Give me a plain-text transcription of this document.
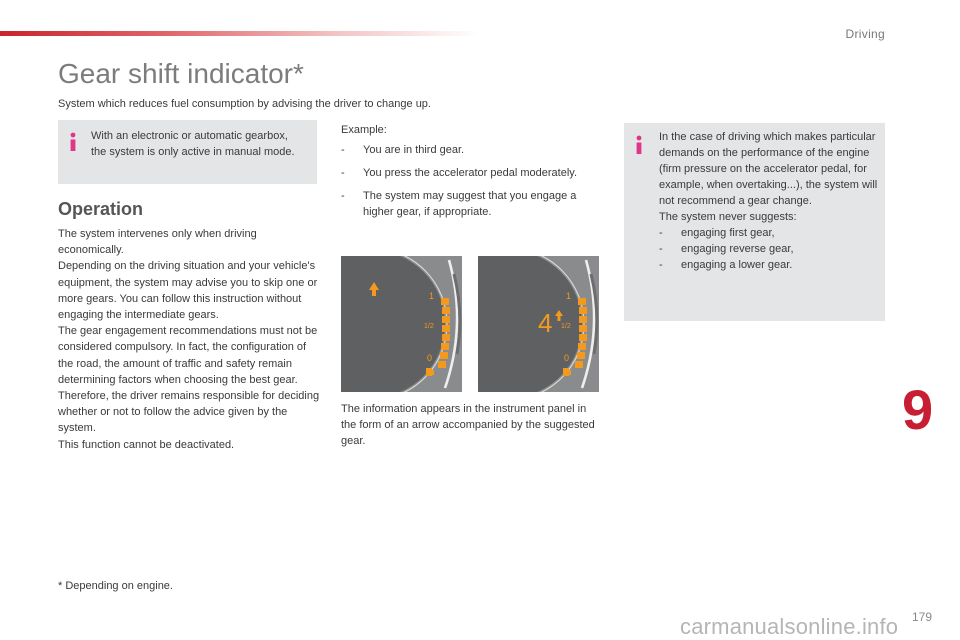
Driving
Gear shift indicator*
System which reduces fuel consumption by advising the driver to change up.
With an electronic or automatic gearbox, the system is only active in manual mode.
Operation

The system intervenes only when driving economically.

Depending on the driving situation and your vehicle's equipment, the system may advise you to skip one or more gears. You can follow this instruction without engaging the intermediate gears.

The gear engagement recommendations must not be considered compulsory. In fact, the configuration of the road, the amount of traffic and safety remain determining factors when choosing the best gear. Therefore, the driver remains responsible for deciding whether or not to follow the advice given by the system.

This function cannot be deactivated.

Example:

- You are in third gear.
- You press the accelerator pedal moderately.
- The system may suggest that you engage a higher gear, if appropriate.
1
1/2
0
4
1
1/2
0
The information appears in the instrument panel in the form of an arrow accompanied by the suggested gear.
In the case of driving which makes particular demands on the performance of the engine (firm pressure on the accelerator pedal, for example, when overtaking...), the system will not recommend a gear change.
The system never suggests:
- engaging first gear,
- engaging reverse gear,
- engaging a lower gear.
9
* Depending on engine.
carmanualsonline.info 179
